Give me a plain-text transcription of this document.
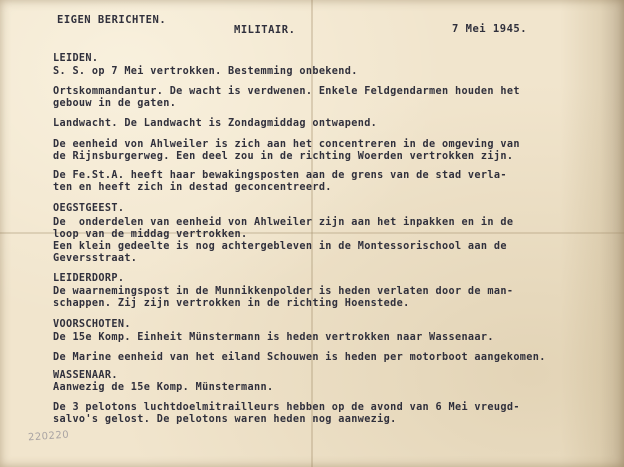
EIGEN BERICHTEN.
MILITAIR.	7 Mei 1945.
LEIDEN.
S. S. op 7 Mei vertrokken. Bestemming onbekend.
Ortskommandantur. De wacht is verdwenen. Enkele Feldgendarmen houden het
gebouw in de gaten.
Landwacht. De Landwacht is Zondagmiddag ontwapend.
De eenheid von Ahlweiler is zich aan het concentreren in de omgeving van
de Rijnsburgerweg. Een deel zou in de richting Woerden vertrokken zijn.
De Fe.St.A. heeft haar bewakingsposten aan de grens van de stad verla-
ten en heeft zich in destad geconcentreerd.
OEGSTGEEST.
De  onderdelen van eenheid von Ahlweiler zijn aan het inpakken en in de
loop van de middag vertrokken.
Een klein gedeelte is nog achtergebleven in de Montessorischool aan de
Geversstraat.
LEIDERDORP.
De waarnemingspost in de Munnikkenpolder is heden verlaten door de man-
schappen. Zij zijn vertrokken in de richting Hoenstede.
VOORSCHOTEN.
De 15e Komp. Einheit Münstermann is heden vertrokken naar Wassenaar.
De Marine eenheid van het eiland Schouwen is heden per motorboot aangekomen.
WASSENAAR.
Aanwezig de 15e Komp. Münstermann.
De 3 pelotons luchtdoelmitrailleurs hebben op de avond van 6 Mei vreugd-
salvo's gelost. De pelotons waren heden nog aanwezig.
220220
